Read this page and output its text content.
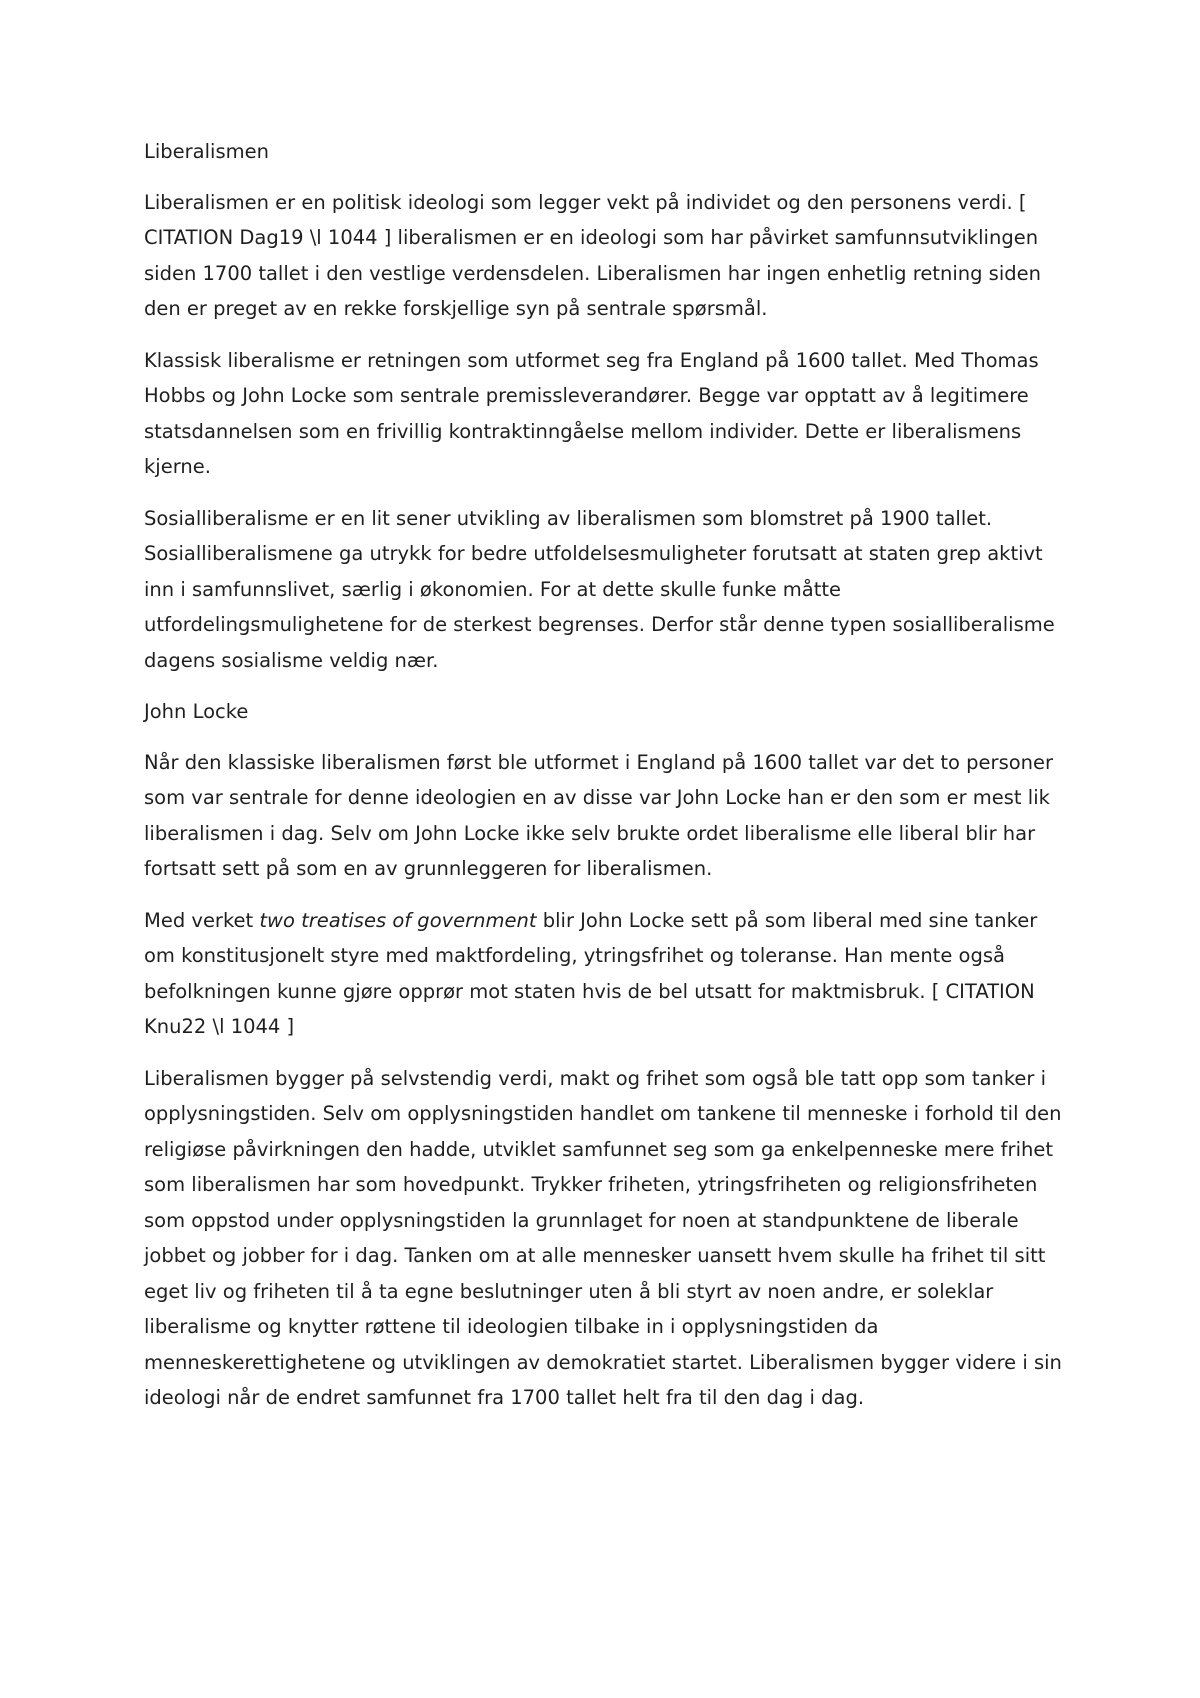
Liberalismen

Liberalismen er en politisk ideologi som legger vekt på individet og den personens verdi. [ CITATION Dag19 \l 1044 ] liberalismen er en ideologi som har påvirket samfunnsutviklingen siden 1700 tallet i den vestlige verdensdelen. Liberalismen har ingen enhetlig retning siden den er preget av en rekke forskjellige syn på sentrale spørsmål.

Klassisk liberalisme er retningen som utformet seg fra England på 1600 tallet. Med Thomas Hobbs og John Locke som sentrale premissleverandører. Begge var opptatt av å legitimere statsdannelsen som en frivillig kontraktinngåelse mellom individer. Dette er liberalismens kjerne.

Sosialliberalisme er en lit sener utvikling av liberalismen som blomstret på 1900 tallet. Sosialliberalismene ga utrykk for bedre utfoldelsesmuligheter forutsatt at staten grep aktivt inn i samfunnslivet, særlig i økonomien. For at dette skulle funke måtte utfordelingsmulighetene for de sterkest begrenses. Derfor står denne typen sosialliberalisme dagens sosialisme veldig nær.

John Locke

Når den klassiske liberalismen først ble utformet i England på 1600 tallet var det to personer som var sentrale for denne ideologien en av disse var John Locke han er den som er mest lik liberalismen i dag. Selv om John Locke ikke selv brukte ordet liberalisme elle liberal blir har fortsatt sett på som en av grunnleggeren for liberalismen.

Med verket two treatises of government blir John Locke sett på som liberal med sine tanker om konstitusjonelt styre med maktfordeling, ytringsfrihet og toleranse. Han mente også befolkningen kunne gjøre opprør mot staten hvis de bel utsatt for maktmisbruk. [ CITATION Knu22 \l 1044 ]

Liberalismen bygger på selvstendig verdi, makt og frihet som også ble tatt opp som tanker i opplysningstiden. Selv om opplysningstiden handlet om tankene til menneske i forhold til den religiøse påvirkningen den hadde, utviklet samfunnet seg som ga enkelpenneske mere frihet som liberalismen har som hovedpunkt. Trykker friheten, ytringsfriheten og religionsfriheten som oppstod under opplysningstiden la grunnlaget for noen at standpunktene de liberale jobbet og jobber for i dag. Tanken om at alle mennesker uansett hvem skulle ha frihet til sitt eget liv og friheten til å ta egne beslutninger uten å bli styrt av noen andre, er soleklar liberalisme og knytter røttene til ideologien tilbake in i opplysningstiden da menneskerettighetene og utviklingen av demokratiet startet. Liberalismen bygger videre i sin ideologi når de endret samfunnet fra 1700 tallet helt fra til den dag i dag.
